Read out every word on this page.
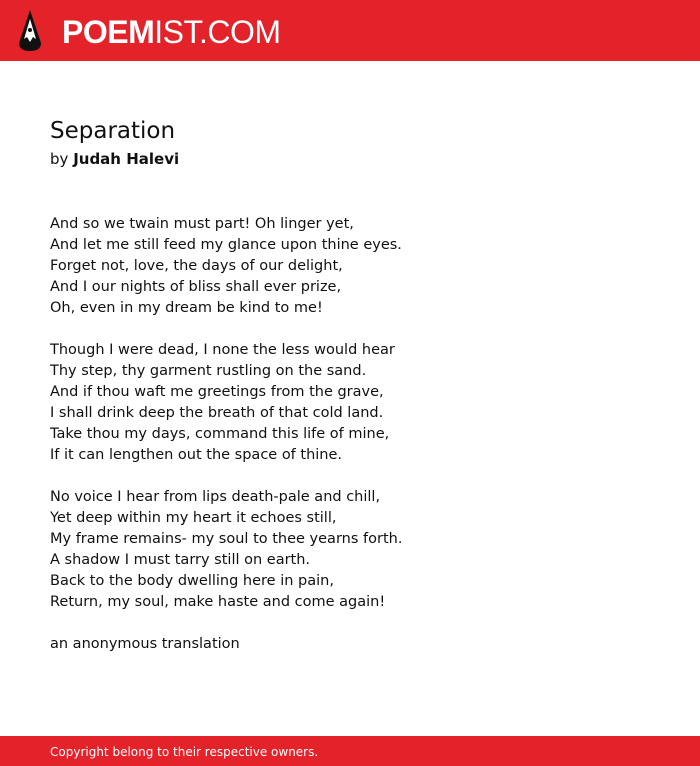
POEMIST.COM
Separation

by Judah Halevi

And so we twain must part! Oh linger yet,
And let me still feed my glance upon thine eyes.
Forget not, love, the days of our delight,
And I our nights of bliss shall ever prize,
Oh, even in my dream be kind to me!

Though I were dead, I none the less would hear
Thy step, thy garment rustling on the sand.
And if thou waft me greetings from the grave,
I shall drink deep the breath of that cold land.
Take thou my days, command this life of mine,
If it can lengthen out the space of thine.

No voice I hear from lips death-pale and chill,
Yet deep within my heart it echoes still,
My frame remains- my soul to thee yearns forth.
A shadow I must tarry still on earth.
Back to the body dwelling here in pain,
Return, my soul, make haste and come again!

an anonymous translation

Copyright belong to their respective owners.
